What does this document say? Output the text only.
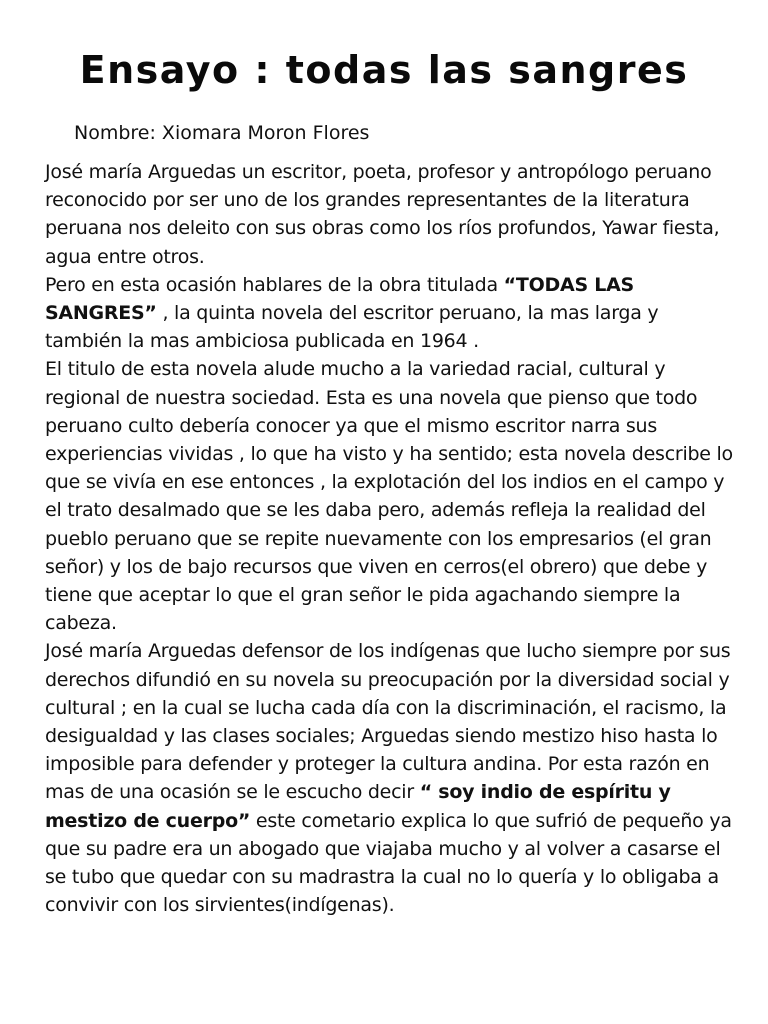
Ensayo : todas las sangres

Nombre: Xiomara Moron Flores

José maría Arguedas un escritor, poeta, profesor y antropólogo peruano reconocido por ser uno de los grandes representantes de la literatura peruana nos deleito con sus obras como los ríos profundos, Yawar fiesta, agua entre otros.

Pero en esta ocasión hablares de la obra titulada “TODAS LAS SANGRES” , la quinta novela del escritor peruano, la mas larga y también la mas ambiciosa publicada en 1964 .

El titulo de esta novela alude mucho a la variedad racial, cultural y regional de nuestra sociedad. Esta es una novela que pienso que todo peruano culto debería conocer ya que el mismo escritor narra sus experiencias vividas , lo que ha visto y ha sentido; esta novela describe lo que se vivía en ese entonces , la explotación del los indios en el campo y el trato desalmado que se les daba pero, además refleja la realidad del pueblo peruano que se repite nuevamente con los empresarios (el gran señor) y los de bajo recursos que viven en cerros(el obrero) que debe y tiene que aceptar lo que el gran señor le pida agachando siempre la cabeza.

José maría Arguedas defensor de los indígenas que lucho siempre por sus derechos difundió en su novela su preocupación por la diversidad social y cultural ; en la cual se lucha cada día con la discriminación, el racismo, la desigualdad y las clases sociales; Arguedas siendo mestizo hiso hasta lo imposible para defender y proteger la cultura andina. Por esta razón en mas de una ocasión se le escucho decir “ soy indio de espíritu y mestizo de cuerpo” este cometario explica lo que sufrió de pequeño ya que su padre era un abogado que viajaba mucho y al volver a casarse el se tubo que quedar con su madrastra la cual no lo quería y lo obligaba a convivir con los sirvientes(indígenas).
